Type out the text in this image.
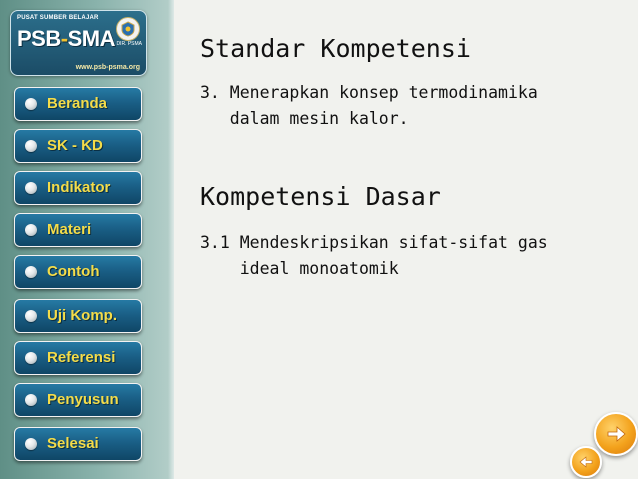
PUSAT SUMBER BELAJAR
PSB-SMA DIR. PSMA
www.psb-psma.org
Beranda
SK - KD
Indikator
Materi
Contoh
Uji Komp.
Referensi
Penyusun
Selesai
Standar Kompetensi
3. Menerapkan konsep termodinamika
dalam mesin kalor.
Kompetensi Dasar
3.1 Mendeskripsikan sifat-sifat gas
ideal monoatomik
